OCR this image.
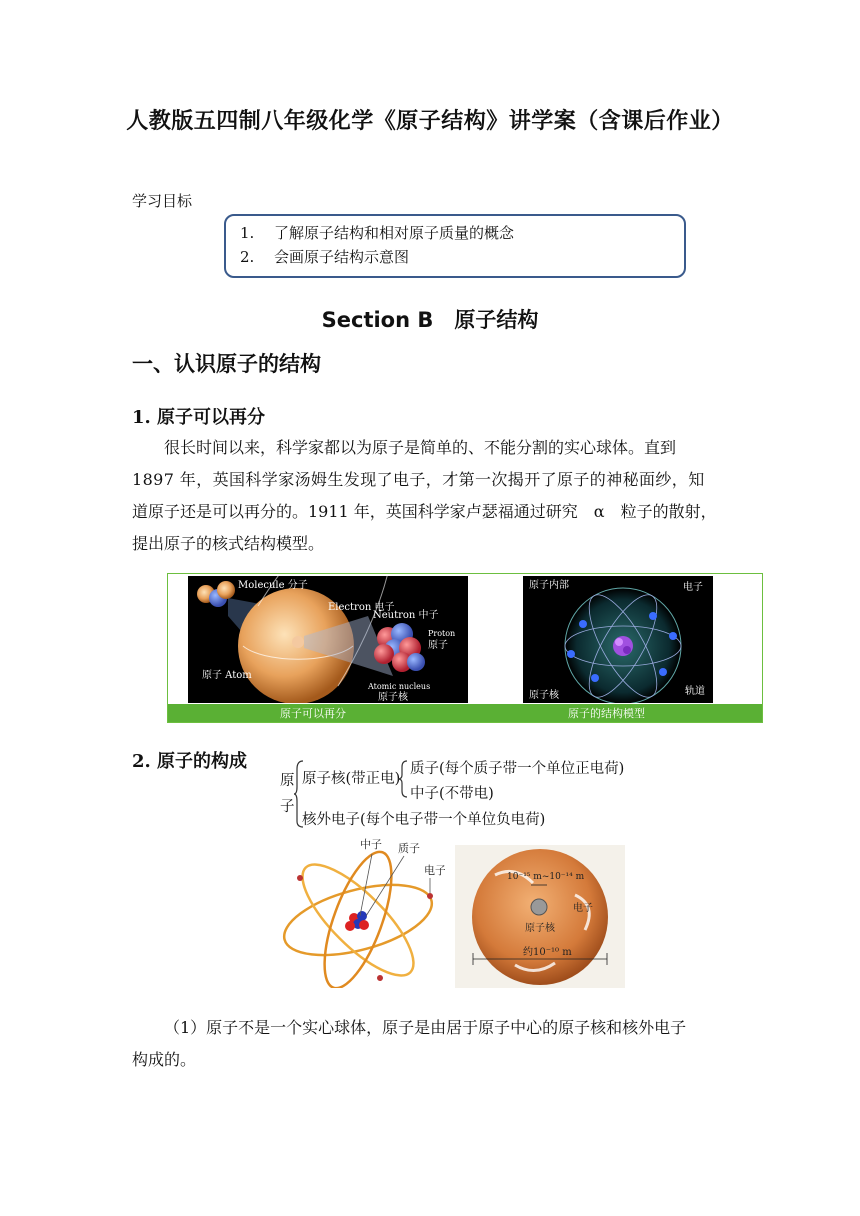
人教版五四制八年级化学《原子结构》讲学案（含课后作业）
学习目标
1. 了解原子结构和相对原子质量的概念
2. 会画原子结构示意图
Section B　原子结构
一、认识原子的结构
1. 原子可以再分
很长时间以来，科学家都以为原子是简单的、不能分割的实心球体。直到
1897 年，英国科学家汤姆生发现了电子，才第一次揭开了原子的神秘面纱，知
道原子还是可以再分的。1911 年，英国科学家卢瑟福通过研究　α　粒子的散射，
提出原子的核式结构模型。
Molecule 分子
Electron 电子
Neutron 中子
Proton
原子
原子 Atom
Atomic nucleus
原子核
原子内部	电子
轨道
原子核
原子可以再分	原子的结构模型
2. 原子的构成
原
子
原子核(带正电)
质子(每个质子带一个单位正电荷)
中子(不带电)
核外电子(每个电子带一个单位负电荷)
中子 质子
电子	10⁻¹⁵ m~10⁻¹⁴ m
电子
原子核
约10⁻¹⁰ m
（1）原子不是一个实心球体，原子是由居于原子中心的原子核和核外电子
构成的。
